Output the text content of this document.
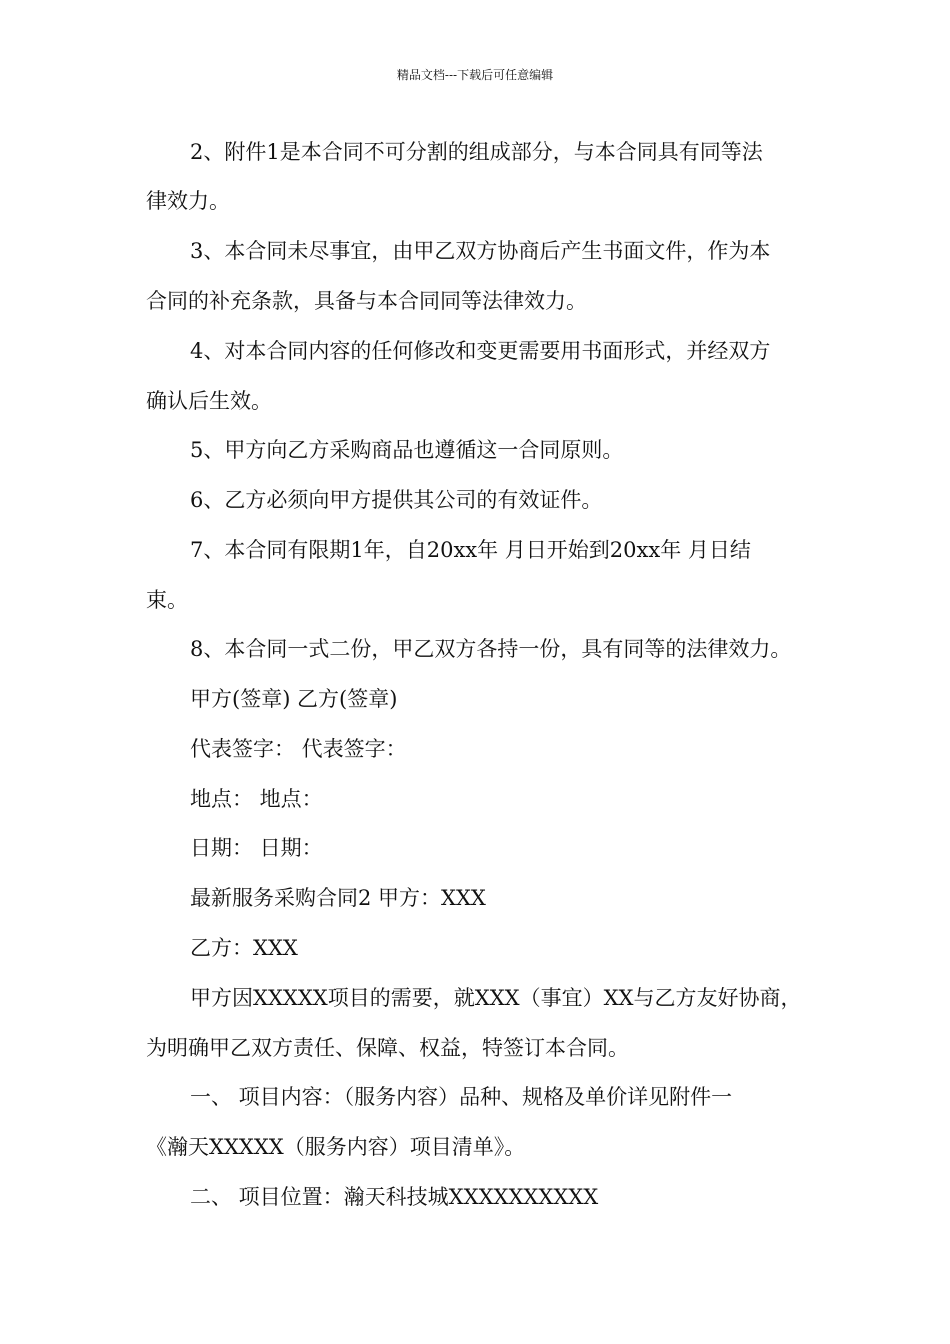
精品文档---下载后可任意编辑
2、附件1是本合同不可分割的组成部分，与本合同具有同等法
律效力。
3、本合同未尽事宜，由甲乙双方协商后产生书面文件，作为本
合同的补充条款，具备与本合同同等法律效力。
4、对本合同内容的任何修改和变更需要用书面形式，并经双方
确认后生效。
5、甲方向乙方采购商品也遵循这一合同原则。
6、乙方必须向甲方提供其公司的有效证件。
7、本合同有限期1年，自20xx年 月日开始到20xx年 月日结
束。
8、本合同一式二份，甲乙双方各持一份，具有同等的法律效力。
甲方(签章) 乙方(签章)
代表签字： 代表签字：
地点： 地点：
日期： 日期：
最新服务采购合同2 甲方：XXX
乙方：XXX
甲方因XXXXX项目的需要，就XXX（事宜）XX与乙方友好协商，
为明确甲乙双方责任、保障、权益，特签订本合同。
一、 项目内容：（服务内容）品种、规格及单价详见附件一
《瀚天XXXXX（服务内容）项目清单》。
二、 项目位置：瀚天科技城XXXXXXXXXX
